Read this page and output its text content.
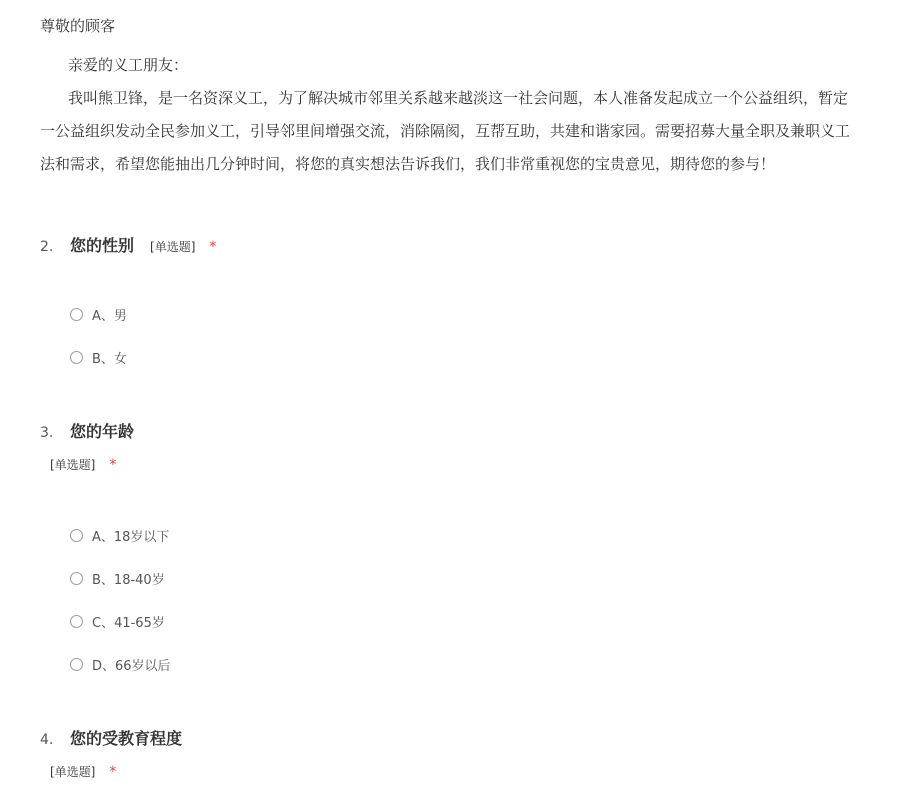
尊敬的顾客
亲爱的义工朋友：
我叫熊卫锋，是一名资深义工，为了解决城市邻里关系越来越淡这一社会问题，本人准备发起成立一个公益组织，暂定
一公益组织发动全民参加义工，引导邻里间增强交流，消除隔阂，互帮互助，共建和谐家园。需要招募大量全职及兼职义工
法和需求，希望您能抽出几分钟时间，将您的真实想法告诉我们，我们非常重视您的宝贵意见，期待您的参与！
2.	您的性别 [单选题] *
A、男
B、女
3.	您的年龄
[单选题] *
A、18岁以下
B、18-40岁
C、41-65岁
D、66岁以后
4.	您的受教育程度
[单选题] *
